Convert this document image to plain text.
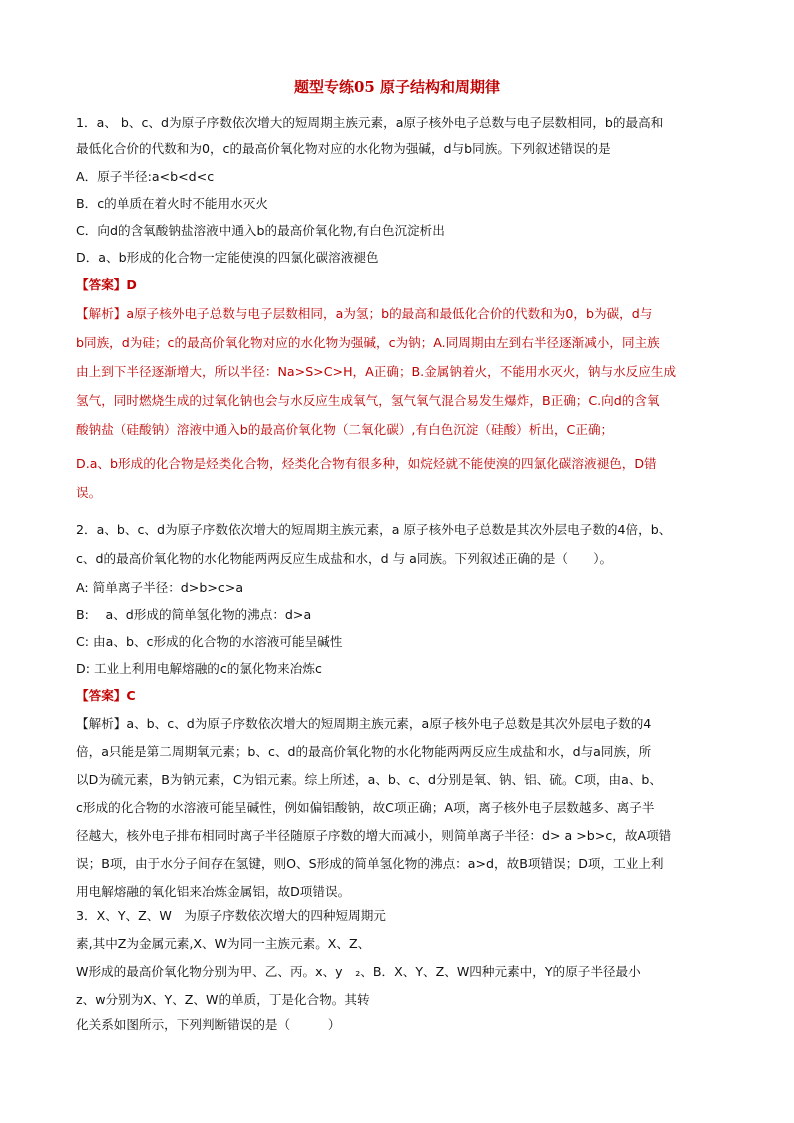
题型专练05 原子结构和周期律
1．a、 b、c、d为原子序数依次增大的短周期主族元素，a原子核外电子总数与电子层数相同，b的最高和
最低化合价的代数和为0，c的最高价氧化物对应的水化物为强碱，d与b同族。下列叙述错误的是
A．原子半径:a<b<d<c
B．c的单质在着火时不能用水灭火
C．向d的含氧酸钠盐溶液中通入b的最高价氧化物,有白色沉淀析出
D．a、b形成的化合物一定能使溴的四氯化碳溶液褪色
【答案】D
【解析】a原子核外电子总数与电子层数相同，a为氢；b的最高和最低化合价的代数和为0，b为碳，d与
b同族，d为硅；c的最高价氧化物对应的水化物为强碱，c为钠；A.同周期由左到右半径逐渐减小，同主族
由上到下半径逐渐增大，所以半径：Na>S>C>H，A正确；B.金属钠着火，不能用水灭火，钠与水反应生成
氢气，同时燃烧生成的过氧化钠也会与水反应生成氧气，氢气氧气混合易发生爆炸，B正确；C.向d的含氧
酸钠盐（硅酸钠）溶液中通入b的最高价氧化物（二氧化碳）,有白色沉淀（硅酸）析出，C正确；
D.a、b形成的化合物是烃类化合物，烃类化合物有很多种，如烷烃就不能使溴的四氯化碳溶液褪色，D错
误。
2．a、b、c、d为原子序数依次增大的短周期主族元素，a 原子核外电子总数是其次外层电子数的4倍，b、
c、d的最高价氧化物的水化物能两两反应生成盐和水，d 与 a同族。下列叙述正确的是（　　）。
A: 简单离子半径：d>b>c>a
B:　 a、d形成的简单氢化物的沸点：d>a
C: 由a、b、c形成的化合物的水溶液可能呈碱性
D: 工业上利用电解熔融的c的氯化物来冶炼c
【答案】C
【解析】a、b、c、d为原子序数依次增大的短周期主族元素，a原子核外电子总数是其次外层电子数的4
倍，a只能是第二周期氧元素；b、c、d的最高价氧化物的水化物能两两反应生成盐和水，d与a同族，所
以D为硫元素，B为钠元素，C为铝元素。综上所述，a、b、c、d分别是氧、钠、铝、硫。C项，由a、b、
c形成的化合物的水溶液可能呈碱性，例如偏铝酸钠，故C项正确；A项，离子核外电子层数越多、离子半
径越大，核外电子排布相同时离子半径随原子序数的增大而减小，则简单离子半径：d> a >b>c，故A项错
误；B项，由于水分子间存在氢键，则O、S形成的简单氢化物的沸点：a>d，故B项错误；D项，工业上利
用电解熔融的氧化铝来冶炼金属铝，故D项错误。
3．X、Y、Z、W　为原子序数依次增大的四种短周期元
素,其中Z为金属元素,X、W为同一主族元素。X、Z、
W形成的最高价氧化物分别为甲、乙、丙。x、y　₂、B．X、Y、Z、W四种元素中，Y的原子半径最小
z、w分别为X、Y、Z、W的单质，丁是化合物。其转
化关系如图所示，下列判断错误的是（　　　）
